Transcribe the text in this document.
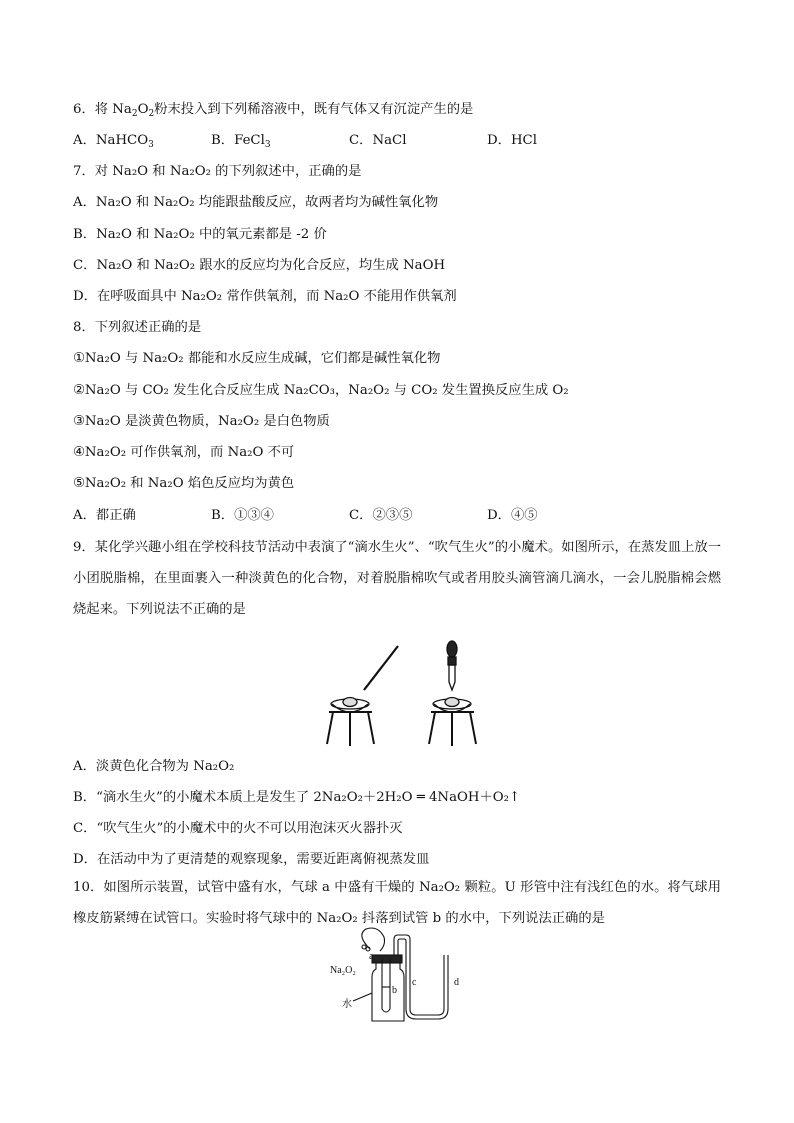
6．将 $Na_2O_2$粉末投入到下列稀溶液中，既有气体又有沉淀产生的是
A．NaHCO$_3$	B．FeCl$_3$	C．NaCl	D．HCl
7．对 Na₂O 和 Na₂O₂ 的下列叙述中，正确的是
A．Na₂O 和 Na₂O₂ 均能跟盐酸反应，故两者均为碱性氧化物
B．Na₂O 和 Na₂O₂ 中的氧元素都是 -2 价
C．Na₂O 和 Na₂O₂ 跟水的反应均为化合反应，均生成 NaOH
D．在呼吸面具中 Na₂O₂ 常作供氧剂，而 Na₂O 不能用作供氧剂
8．下列叙述正确的是
①Na₂O 与 Na₂O₂ 都能和水反应生成碱，它们都是碱性氧化物
②Na₂O 与 CO₂ 发生化合反应生成 Na₂CO₃，Na₂O₂ 与 CO₂ 发生置换反应生成 O₂
③Na₂O 是淡黄色物质，Na₂O₂ 是白色物质
④Na₂O₂ 可作供氧剂，而 Na₂O 不可
⑤Na₂O₂ 和 Na₂O 焰色反应均为黄色
A．都正确	B．①③④	C．②③⑤	D．④⑤
9．某化学兴趣小组在学校科技节活动中表演了“滴水生火”、“吹气生火”的小魔术。如图所示，在蒸发皿上放一小团脱脂棉，在里面裹入一种淡黄色的化合物，对着脱脂棉吹气或者用胶头滴管滴几滴水，一会儿脱脂棉会燃烧起来。下列说法不正确的是
A．淡黄色化合物为 Na₂O₂
B．“滴水生火”的小魔术本质上是发生了 2Na₂O₂＋2H₂O ═ 4NaOH＋O₂↑
C．“吹气生火”的小魔术中的火不可以用泡沫灭火器扑灭
D．在活动中为了更清楚的观察现象，需要近距离俯视蒸发皿
10．如图所示装置，试管中盛有水，气球 a 中盛有干燥的 Na₂O₂ 颗粒。U 形管中注有浅红色的水。将气球用橡皮筋紧缚在试管口。实验时将气球中的 Na₂O₂ 抖落到试管 b 的水中，下列说法正确的是
Na₂O₂
a
b
c	d
水
